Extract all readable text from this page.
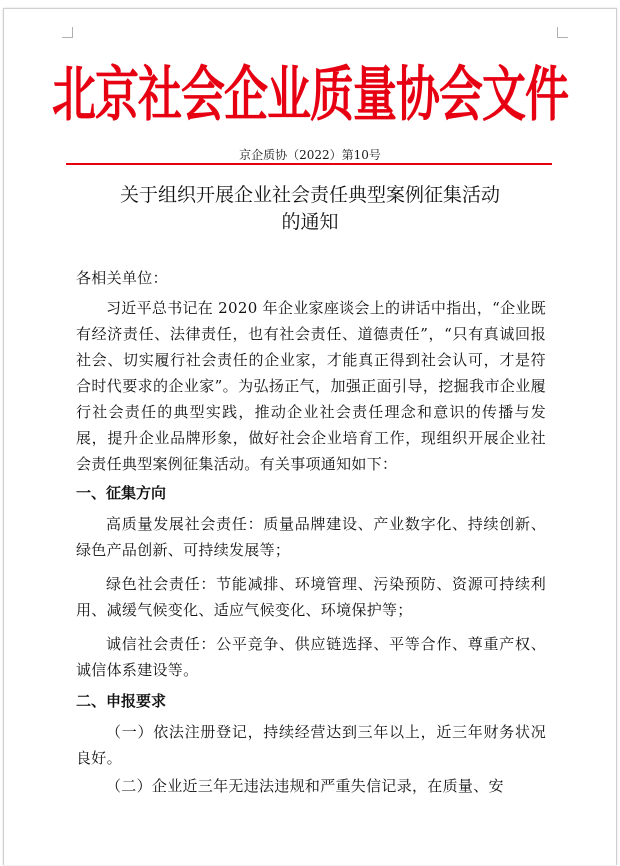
北京社会企业质量协会文件
京企质协（2022）第10号
关于组织开展企业社会责任典型案例征集活动
的通知

各相关单位：

习近平总书记在 2020 年企业家座谈会上的讲话中指出，“企业既有经济责任、法律责任，也有社会责任、道德责任”，“只有真诚回报社会、切实履行社会责任的企业家，才能真正得到社会认可，才是符合时代要求的企业家”。为弘扬正气，加强正面引导，挖掘我市企业履行社会责任的典型实践，推动企业社会责任理念和意识的传播与发展，提升企业品牌形象，做好社会企业培育工作，现组织开展企业社会责任典型案例征集活动。有关事项通知如下：

一、征集方向

高质量发展社会责任：质量品牌建设、产业数字化、持续创新、绿色产品创新、可持续发展等；

绿色社会责任：节能减排、环境管理、污染预防、资源可持续利用、减缓气候变化、适应气候变化、环境保护等；

诚信社会责任：公平竞争、供应链选择、平等合作、尊重产权、诚信体系建设等。

二、申报要求

（一）依法注册登记，持续经营达到三年以上，近三年财务状况良好。

（二）企业近三年无违法违规和严重失信记录，在质量、安
